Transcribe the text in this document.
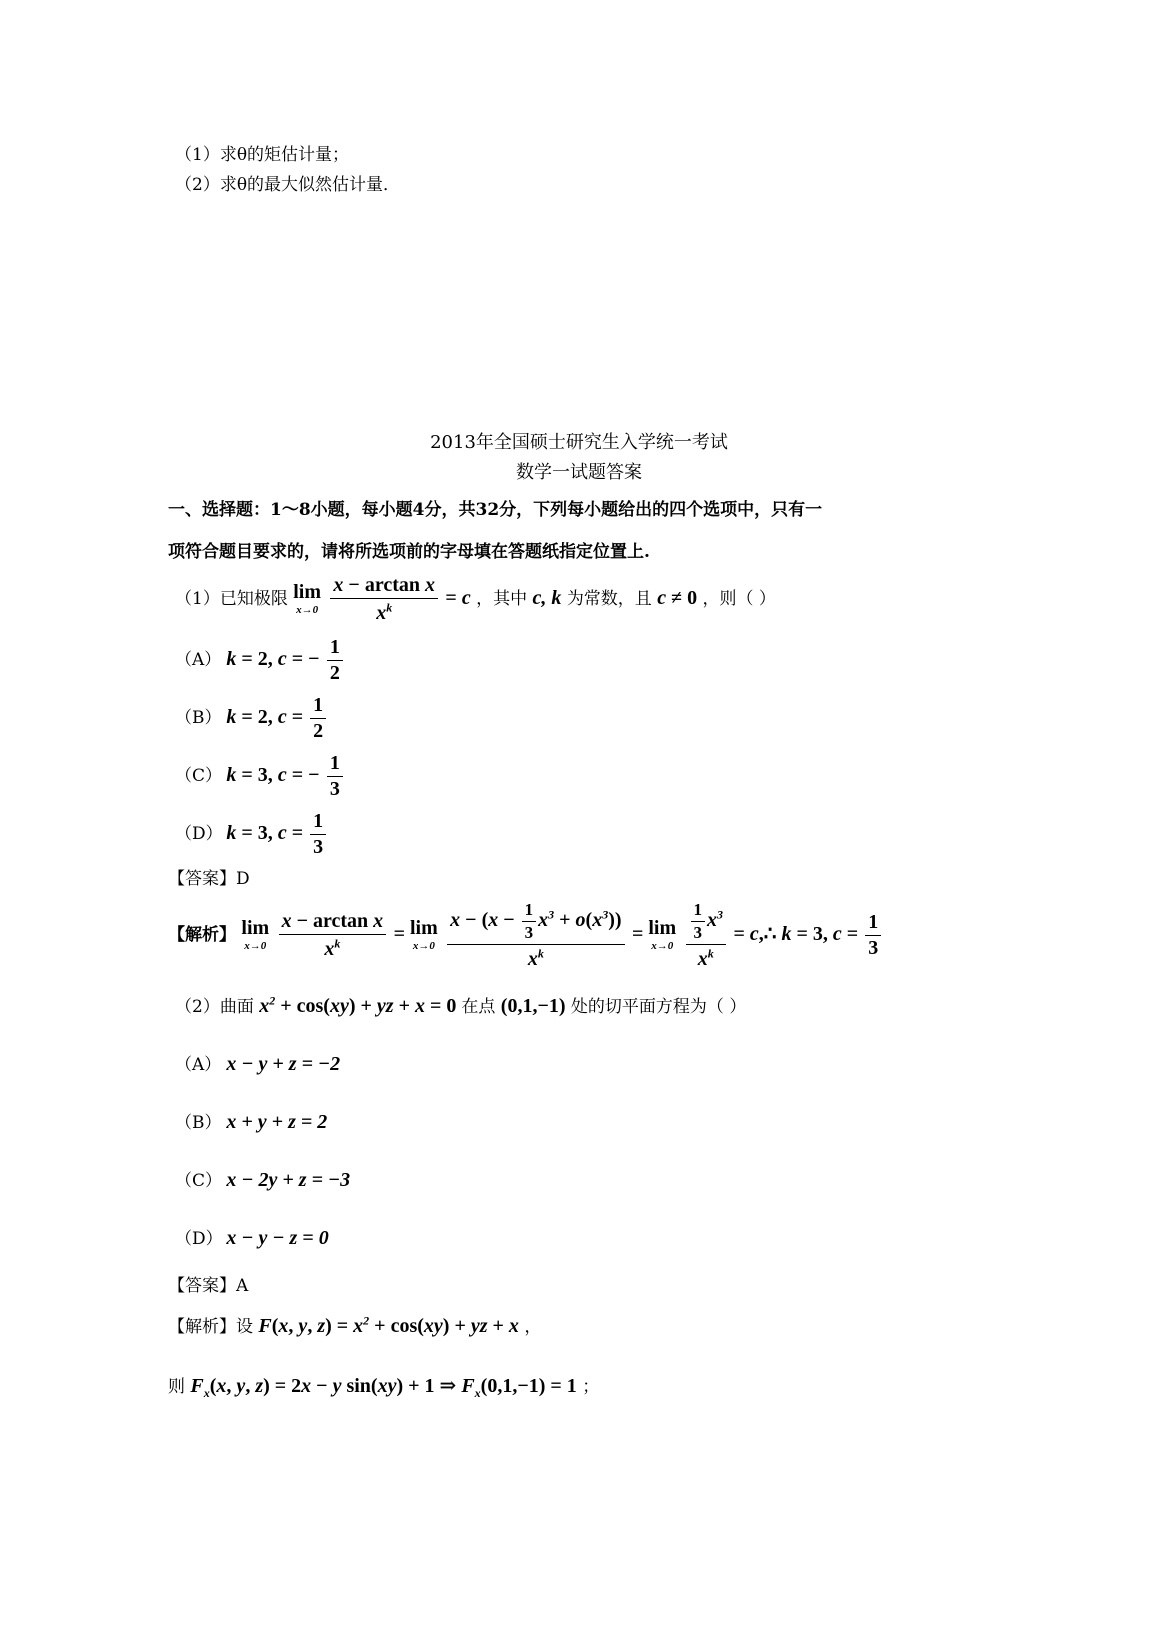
（1）求θ的矩估计量；
（2）求θ的最大似然估计量．
2013年全国硕士研究生入学统一考试
数学一试题答案
一、选择题：1～8小题，每小题4分，共32分，下列每小题给出的四个选项中，只有一
项符合题目要求的，请将所选项前的字母填在答题纸指定位置上.
（1）已知极限 lim
x→0
$\frac{\text{x − arctan x}}{x^k} = c$ ，其中 c, k 为常数，且 c ≠ 0 ，则（ ）
（A） k = 2, c = − $\frac{1}{2}$
（B） k = 2, $c = \frac{1}{2}$
（C） k = 3, c = − $\frac{1}{3}$
（D） k = 3, $c = \frac{1}{3}$
【答案】D
【解析】 lim
x→0
$\frac{\text{x − arctan x}}{x^k} = \lim$
x→0
$\frac{x - (x - \frac{1}{3} x^3 + o(x^3))}{x^k} = \lim$
x→0
$\frac{\frac{1}{3} x^3}{x^k}$ = c,∴ k = 3, $c = \frac{1}{3}$
（2）曲面 $x^2 + \cos(xy)$ + yz + x = 0 在点 (0,1,−1) 处的切平面方程为（ ）
（A） x − y + z = −2
（B） x + y + z = 2
（C） x − 2y + z = −3
（D） x − y − z = 0
【答案】A
【解析】设 F(x, y, $z) = x^2 + \cos(xy)$ + yz + x ，
则 $F_x(x$, y, z) = 2x − y sin(xy) + 1 ⇒ $F_x(0,1,-1) = 1$ ；
